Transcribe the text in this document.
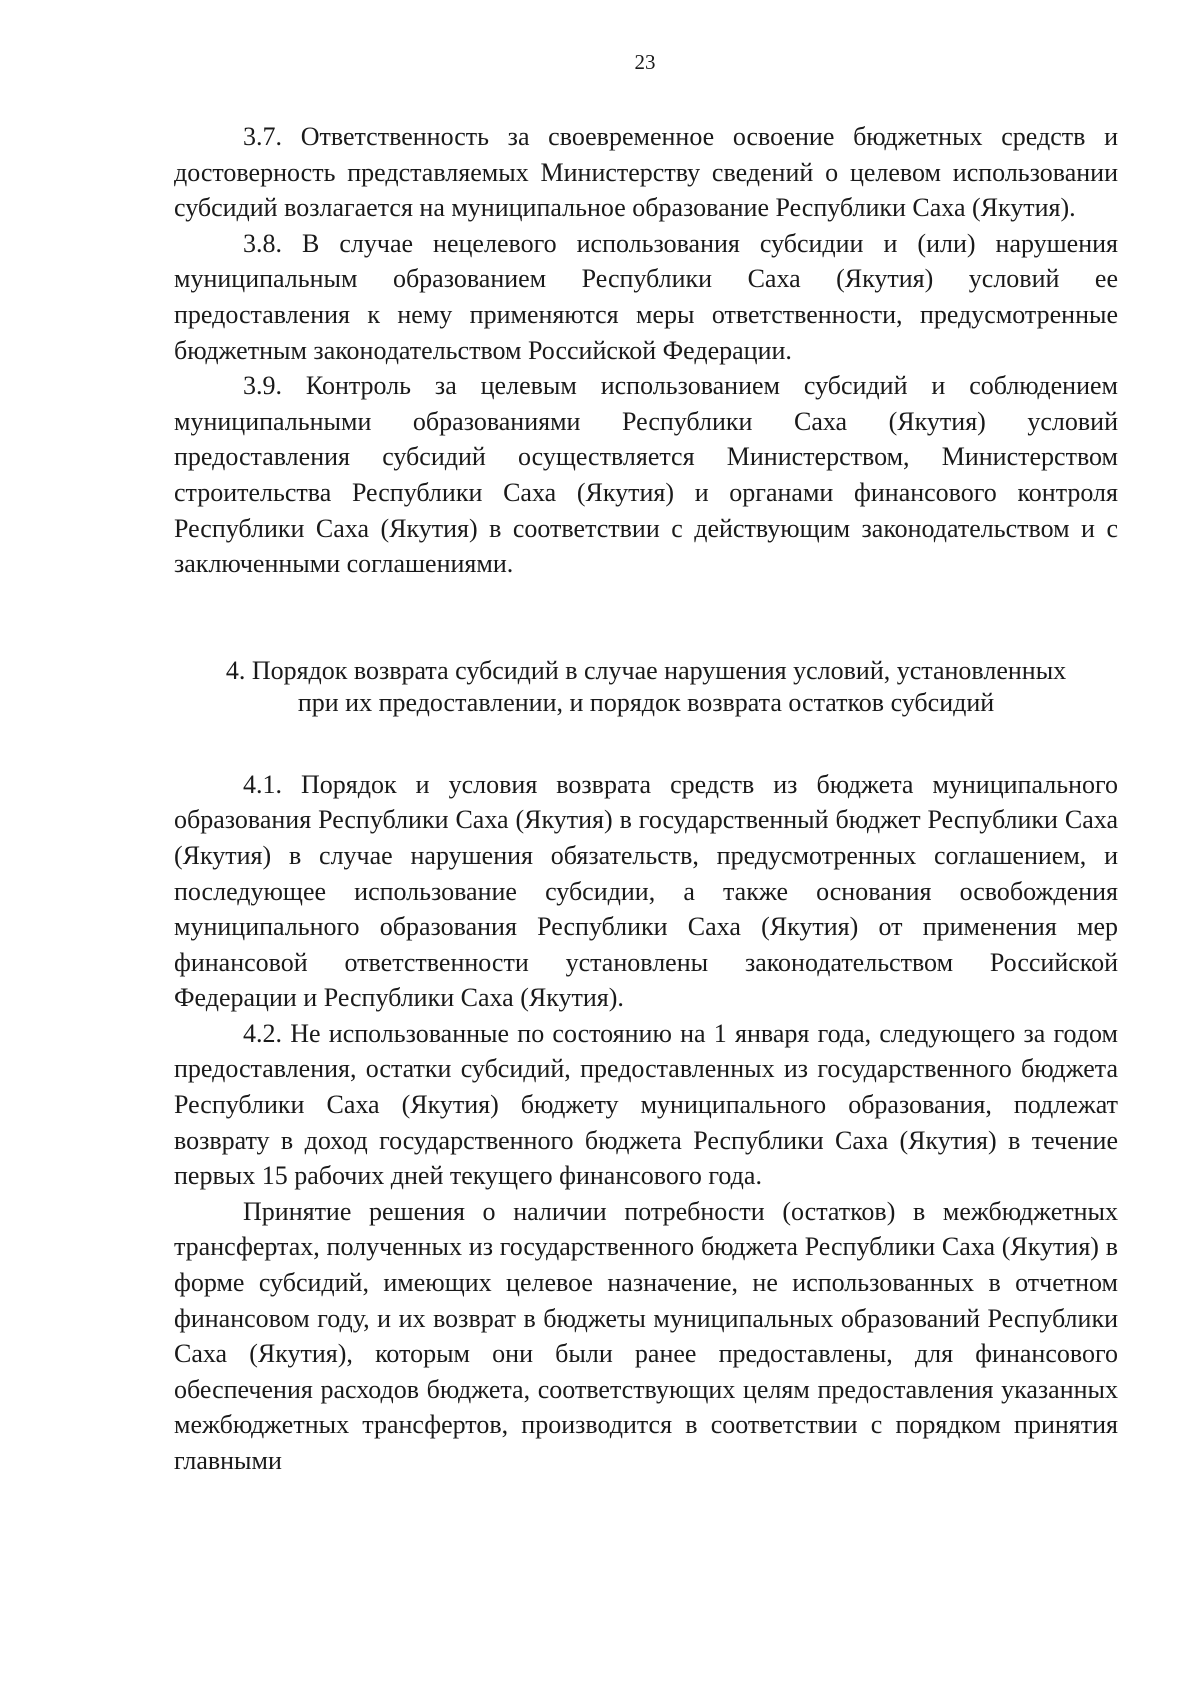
23

3.7. Ответственность за своевременное освоение бюджетных средств и достоверность представляемых Министерству сведений о целевом использовании субсидий возлагается на муниципальное образование Республики Саха (Якутия).

3.8. В случае нецелевого использования субсидии и (или) нарушения муниципальным образованием Республики Саха (Якутия) условий ее предоставления к нему применяются меры ответственности, предусмотренные бюджетным законодательством Российской Федерации.

3.9. Контроль за целевым использованием субсидий и соблюдением муниципальными образованиями Республики Саха (Якутия) условий предоставления субсидий осуществляется Министерством, Министерством строительства Республики Саха (Якутия) и органами финансового контроля Республики Саха (Якутия) в соответствии с действующим законодательством и с заключенными соглашениями.

4. Порядок возврата субсидий в случае нарушения условий, установленных
при их предоставлении, и порядок возврата остатков субсидий

4.1. Порядок и условия возврата средств из бюджета муниципального образования Республики Саха (Якутия) в государственный бюджет Республики Саха (Якутия) в случае нарушения обязательств, предусмотренных соглашением, и последующее использование субсидии, а также основания освобождения муниципального образования Республики Саха (Якутия) от применения мер финансовой ответственности установлены законодательством Российской Федерации и Республики Саха (Якутия).

4.2. Не использованные по состоянию на 1 января года, следующего за годом предоставления, остатки субсидий, предоставленных из государственного бюджета Республики Саха (Якутия) бюджету муниципального образования, подлежат возврату в доход государственного бюджета Республики Саха (Якутия) в течение первых 15 рабочих дней текущего финансового года.

Принятие решения о наличии потребности (остатков) в межбюджетных трансфертах, полученных из государственного бюджета Республики Саха (Якутия) в форме субсидий, имеющих целевое назначение, не использованных в отчетном финансовом году, и их возврат в бюджеты муниципальных образований Республики Саха (Якутия), которым они были ранее предоставлены, для финансового обеспечения расходов бюджета, соответствующих целям предоставления указанных межбюджетных трансфертов, производится в соответствии с порядком принятия главными
